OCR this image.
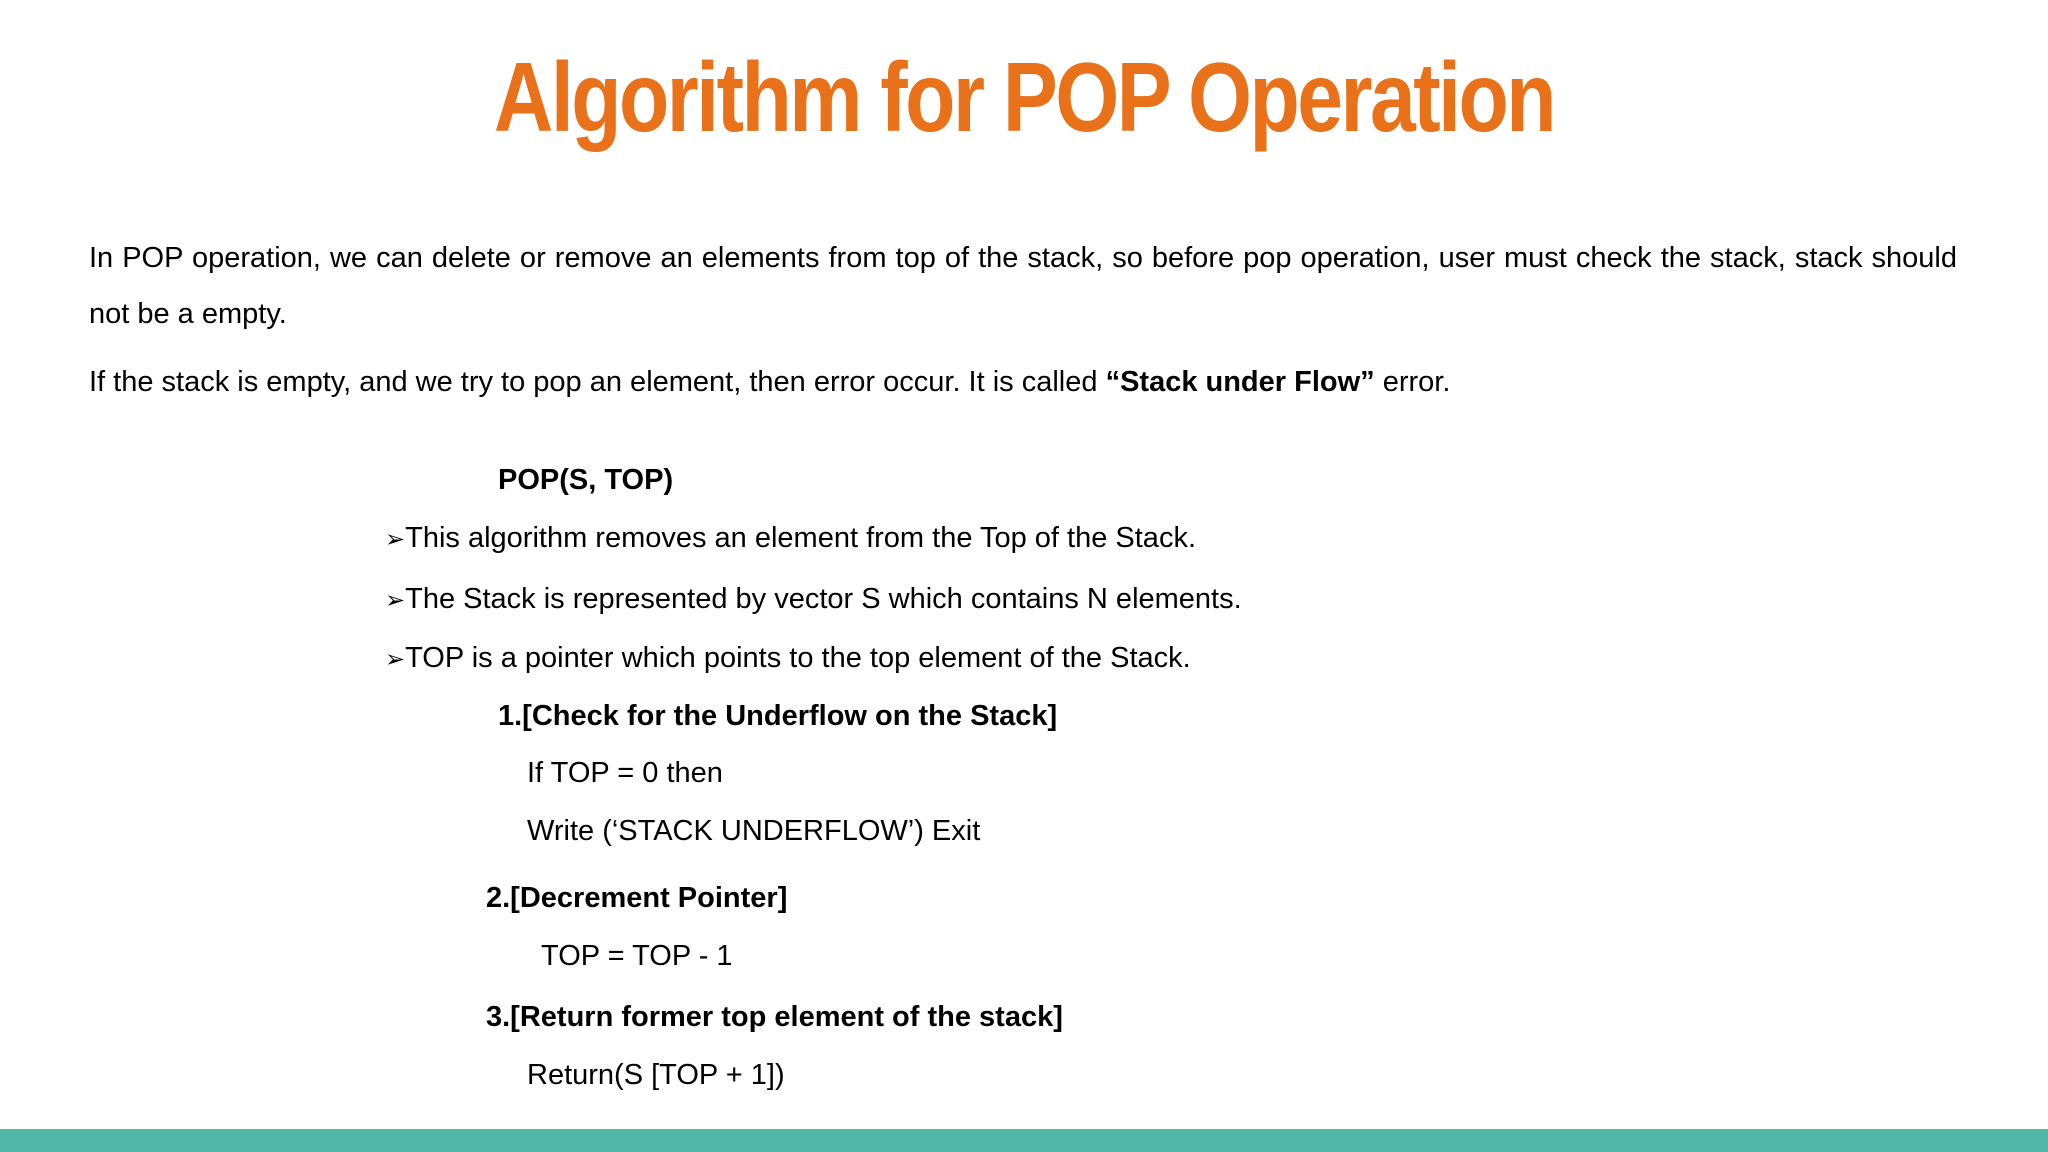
Algorithm for POP Operation
In POP operation, we can delete or remove an elements from top of the stack, so before pop operation, user must check the stack, stack should not be a empty.
If the stack is empty, and we try to pop an element, then error occur. It is called “Stack under Flow” error.
POP(S, TOP)
➢This algorithm removes an element from the Top of the Stack.
➢The Stack is represented by vector S which contains N elements.
➢TOP is a pointer which points to the top element of the Stack.
1.[Check for the Underflow on the Stack]
If TOP = 0 then
Write (‘STACK UNDERFLOW’) Exit
2.[Decrement Pointer]
TOP = TOP - 1
3.[Return former top element of the stack]
Return(S [TOP + 1])
